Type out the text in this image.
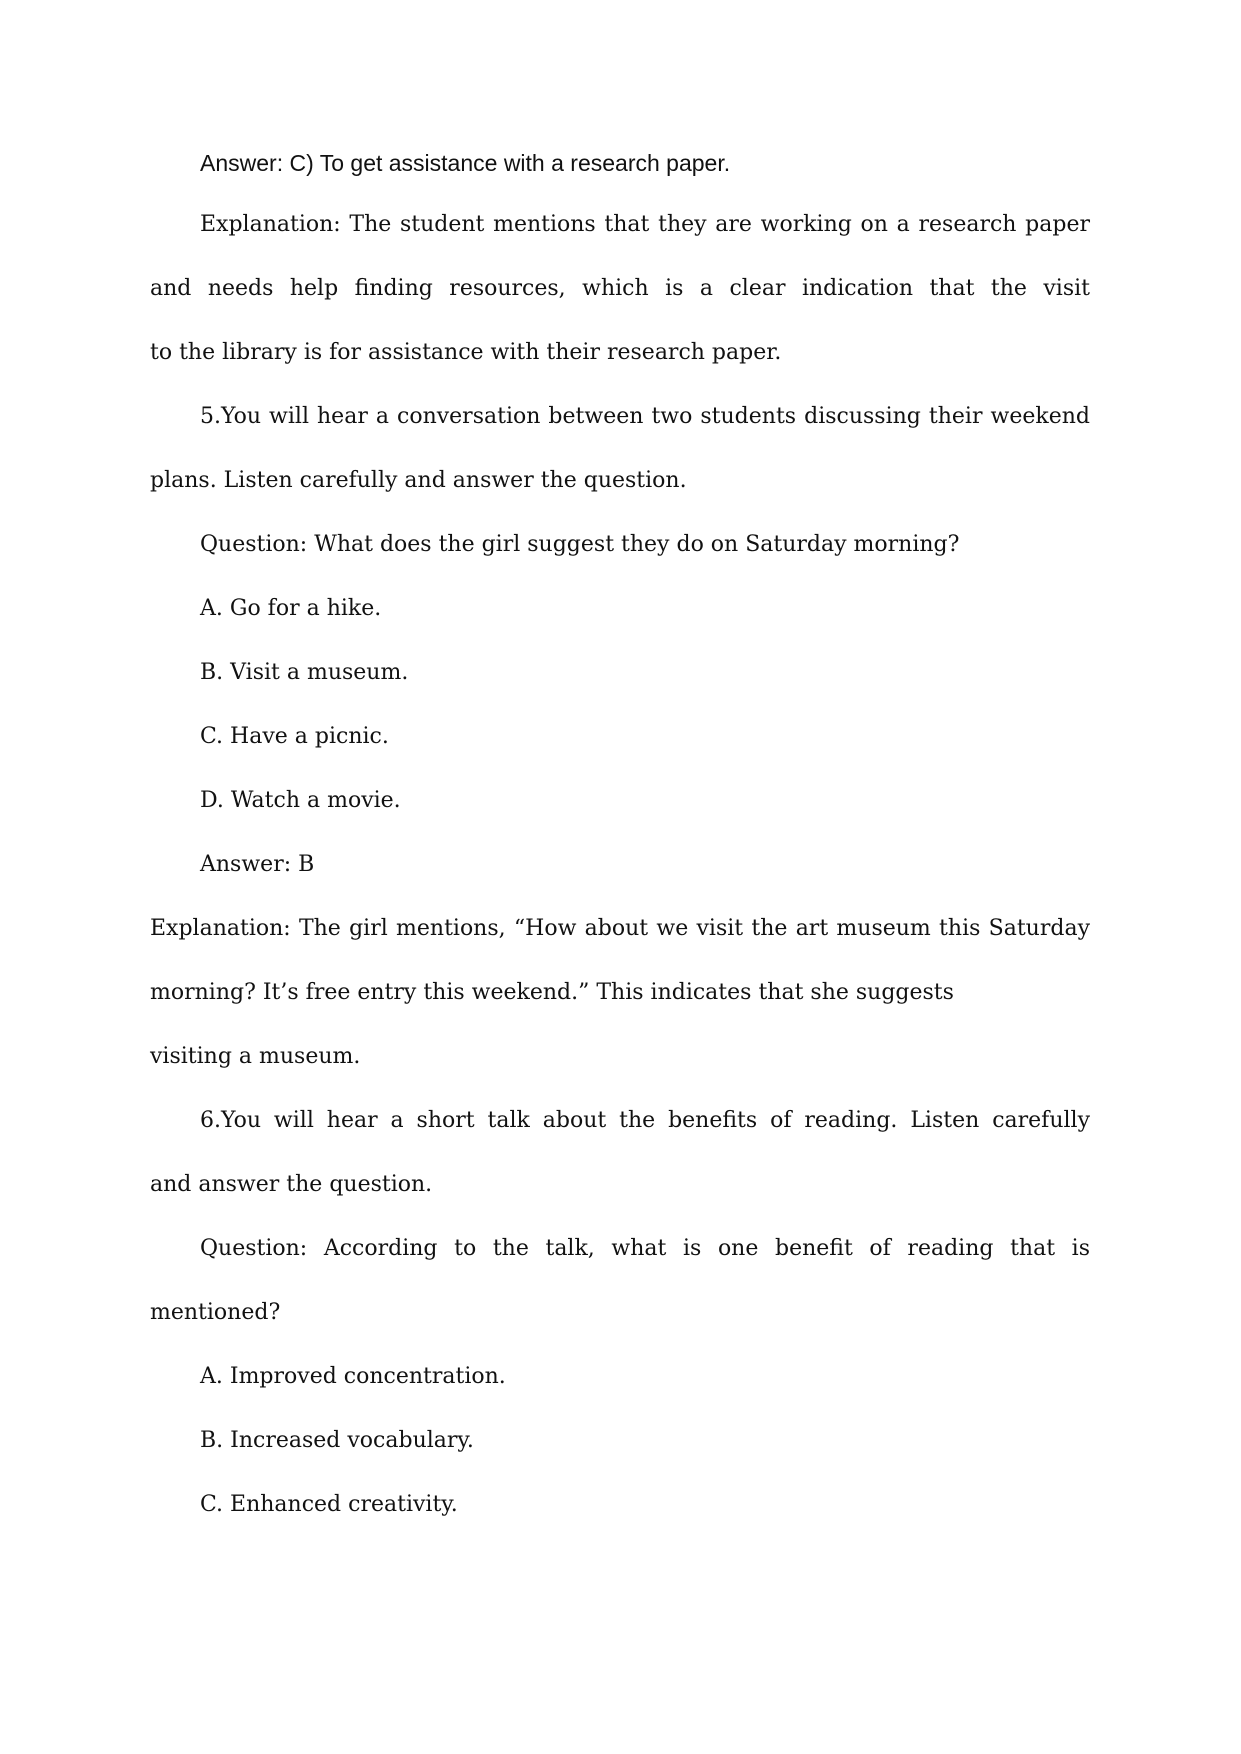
Answer: C) To get assistance with a research paper.
Explanation: The student mentions that they are working on a research paper
and needs help finding resources, which is a clear indication that the visit
to the library is for assistance with their research paper.
5.You will hear a conversation between two students discussing their weekend
plans. Listen carefully and answer the question.
Question: What does the girl suggest they do on Saturday morning?
A. Go for a hike.
B. Visit a museum.
C. Have a picnic.
D. Watch a movie.
Answer: B
Explanation: The girl mentions, “How about we visit the art museum this Saturday
morning? It’s free entry this weekend.” This indicates that she suggests
visiting a museum.
6.You will hear a short talk about the benefits of reading. Listen carefully
and answer the question.
Question: According to the talk, what is one benefit of reading that is
mentioned?
A. Improved concentration.
B. Increased vocabulary.
C. Enhanced creativity.
